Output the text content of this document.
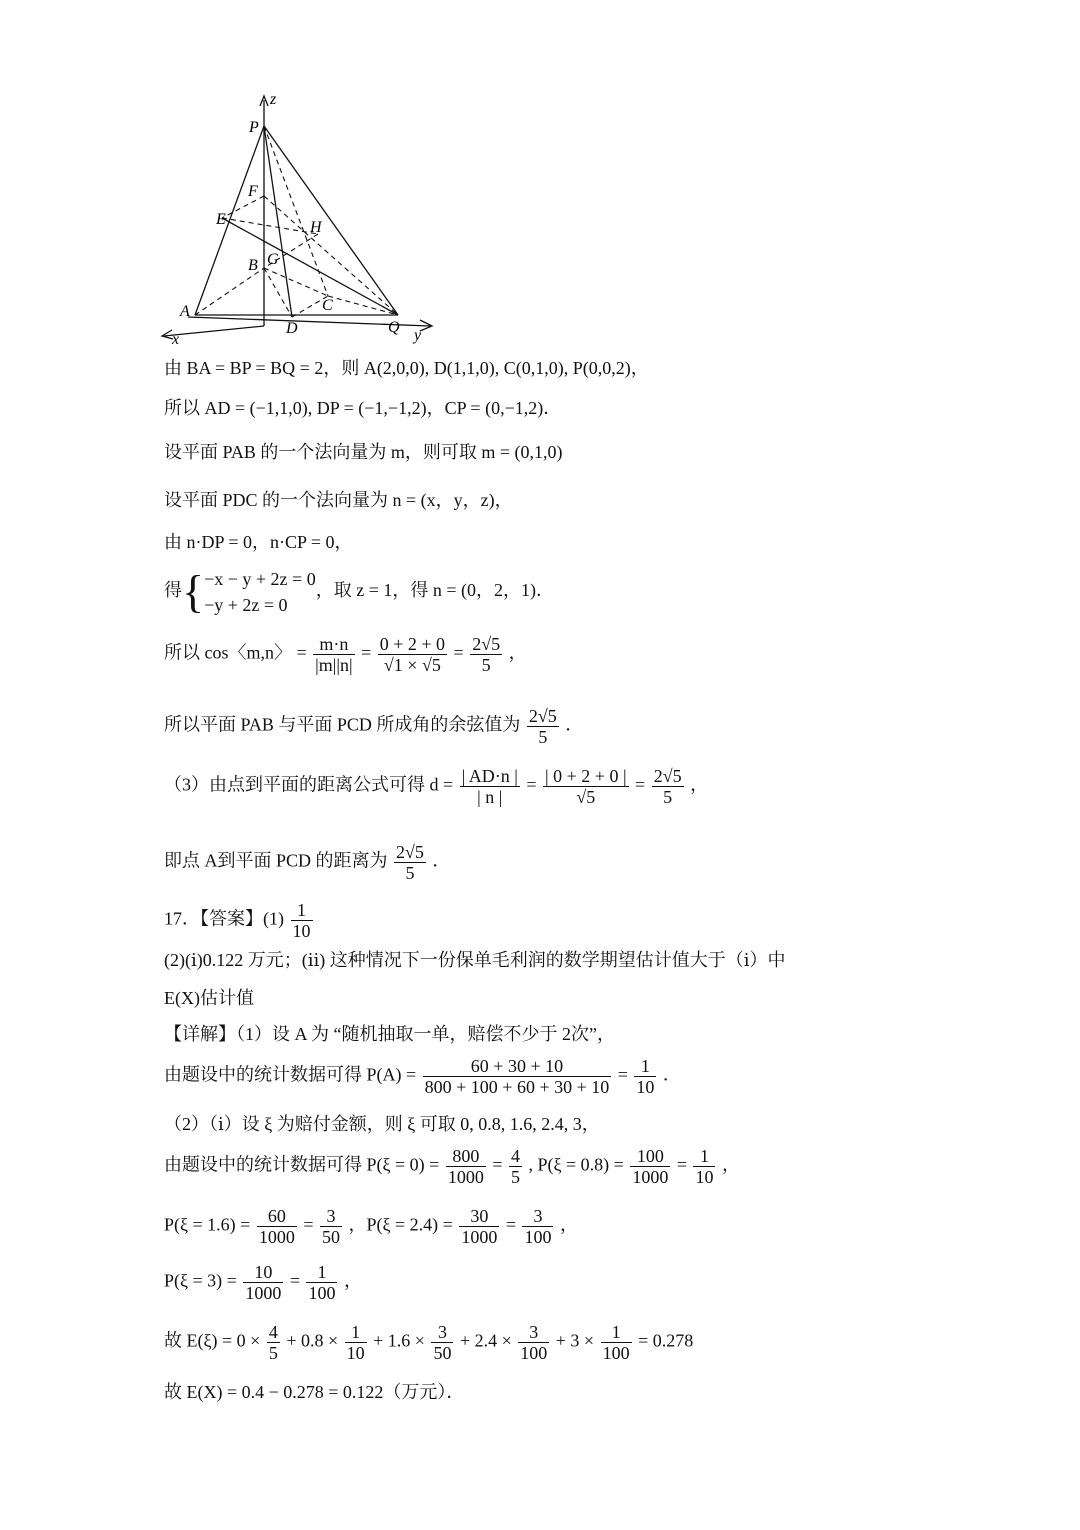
z
P
F
E	H
B G
C
A
D	Q
x	y
由 BA = BP = BQ = 2，则 A(2,0,0), D(1,1,0), C(0,1,0), P(0,0,2)，
所以 AD = (−1,1,0), DP = (−1,−1,2)，CP = (0,−1,2)．
设平面 PAB 的一个法向量为 m，则可取 m = (0,1,0)
设平面 PDC 的一个法向量为 n = (x，y，z)，
由 n·DP = 0，n·CP = 0，
得{ −x − y + 2z = 0
−y + 2z = 0
，取 z = 1，得 n = (0，2，1)．
所以 cos〈m,n〉 = $\frac{m\cdot n}{|m||n|} = \frac{0 + 2 + 0}{√1 \times √5} = \frac{2√5}{5}$ ，
所以平面 PAB 与平面 PCD 所成角的余弦值为 $\frac{2√5}{5}$ ．
（3）由点到平面的距离公式可得 $d = \frac{| AD\cdot n |}{| n |} = \frac{| 0 + 2 + 0 |}{√5} = \frac{2√5}{5}$ ，
即点 A到平面 PCD 的距离为 $\frac{2√5}{5}$ ．
17．【答案】$(1) \frac{1}{10}$
(2)(ⅰ)0.122 万元；(ⅱ) 这种情况下一份保单毛利润的数学期望估计值大于（ⅰ）中
E(X)估计值
【详解】（1）设 A 为 “随机抽取一单，赔偿不少于 2次”，
由题设中的统计数据可得 $P(A) = \frac{60 + 30 + 10}{800 + 100 + 60 + 30 + 10} = \frac{1}{10}$ ．
（2）（ⅰ）设 ξ 为赔付金额，则 ξ 可取 0, 0.8, 1.6, 2.4, 3，
由题设中的统计数据可得 $P(\xi = 0) = \frac{800}{1000} = \frac{4}{5}$ , $P(\xi = 0.8) = \frac{100}{1000} = \frac{1}{10}$ ，
$P(\xi = 1.6) = \frac{60}{1000} = \frac{3}{50}$ ，$P(\xi = 2.4) = \frac{30}{1000} = \frac{3}{100}$ ，
$P(\xi = 3) = \frac{10}{1000} = \frac{1}{100}$ ，
故 $E(\xi) = 0 \times \frac{4}{5} + 0.8 \times \frac{1}{10} + 1.6 \times \frac{3}{50} + 2.4 \times \frac{3}{100} + 3 \times \frac{1}{100} = 0.278$
故 E(X) = 0.4 − 0.278 = 0.122（万元）．
